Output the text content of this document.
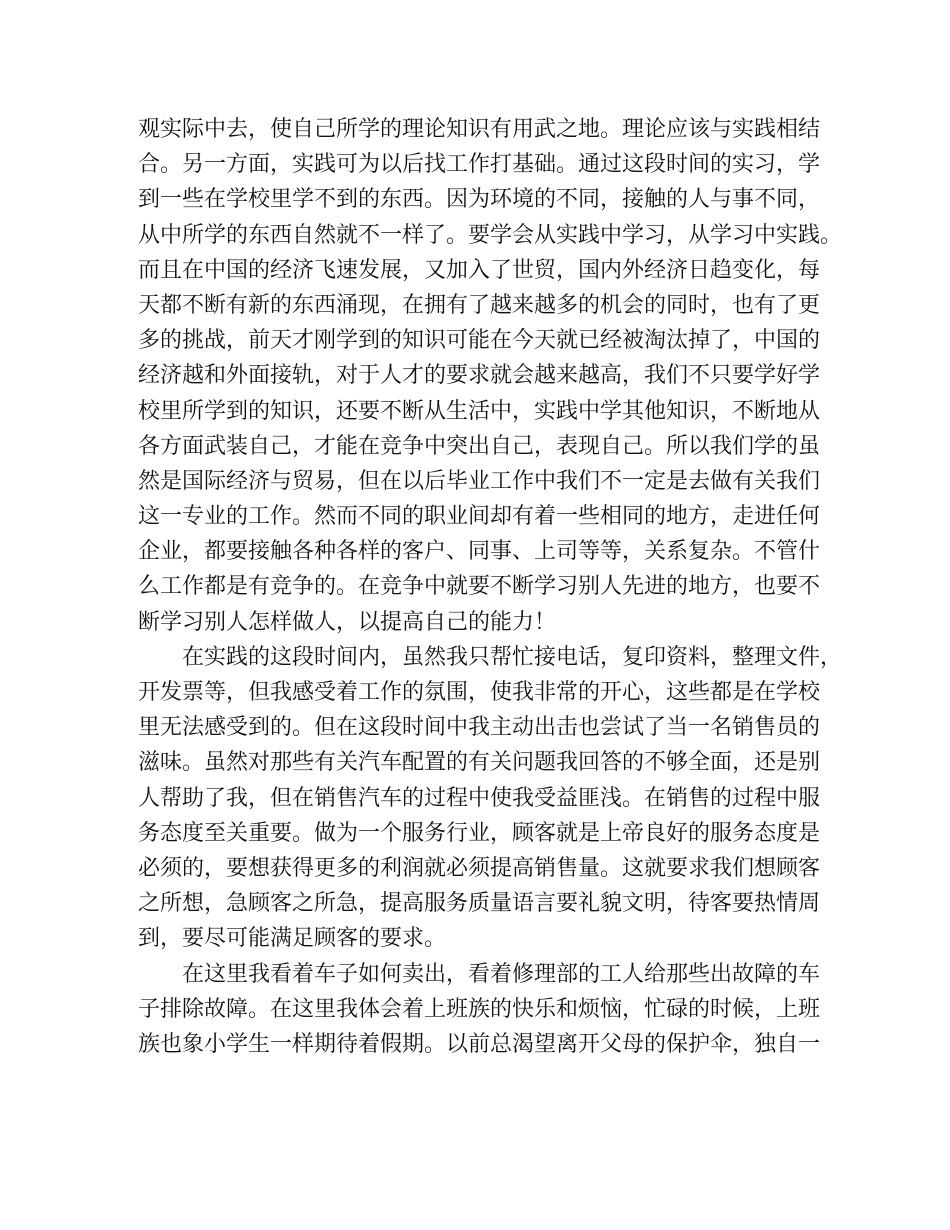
观实际中去，使自己所学的理论知识有用武之地。理论应该与实践相结
合。另一方面，实践可为以后找工作打基础。通过这段时间的实习，学
到一些在学校里学不到的东西。因为环境的不同，接触的人与事不同，
从中所学的东西自然就不一样了。要学会从实践中学习，从学习中实践。
而且在中国的经济飞速发展，又加入了世贸，国内外经济日趋变化，每
天都不断有新的东西涌现，在拥有了越来越多的机会的同时，也有了更
多的挑战，前天才刚学到的知识可能在今天就已经被淘汰掉了，中国的
经济越和外面接轨，对于人才的要求就会越来越高，我们不只要学好学
校里所学到的知识，还要不断从生活中，实践中学其他知识，不断地从
各方面武装自己，才能在竞争中突出自己，表现自己。所以我们学的虽
然是国际经济与贸易，但在以后毕业工作中我们不一定是去做有关我们
这一专业的工作。然而不同的职业间却有着一些相同的地方，走进任何
企业，都要接触各种各样的客户、同事、上司等等，关系复杂。不管什
么工作都是有竞争的。在竞争中就要不断学习别人先进的地方，也要不
断学习别人怎样做人，以提高自己的能力！
在实践的这段时间内，虽然我只帮忙接电话，复印资料，整理文件，
开发票等，但我感受着工作的氛围，使我非常的开心，这些都是在学校
里无法感受到的。但在这段时间中我主动出击也尝试了当一名销售员的
滋味。虽然对那些有关汽车配置的有关问题我回答的不够全面，还是别
人帮助了我，但在销售汽车的过程中使我受益匪浅。在销售的过程中服
务态度至关重要。做为一个服务行业，顾客就是上帝良好的服务态度是
必须的，要想获得更多的利润就必须提高销售量。这就要求我们想顾客
之所想，急顾客之所急，提高服务质量语言要礼貌文明，待客要热情周
到，要尽可能满足顾客的要求。
在这里我看着车子如何卖出，看着修理部的工人给那些出故障的车
子排除故障。在这里我体会着上班族的快乐和烦恼，忙碌的时候，上班
族也象小学生一样期待着假期。以前总渴望离开父母的保护伞，独自一
